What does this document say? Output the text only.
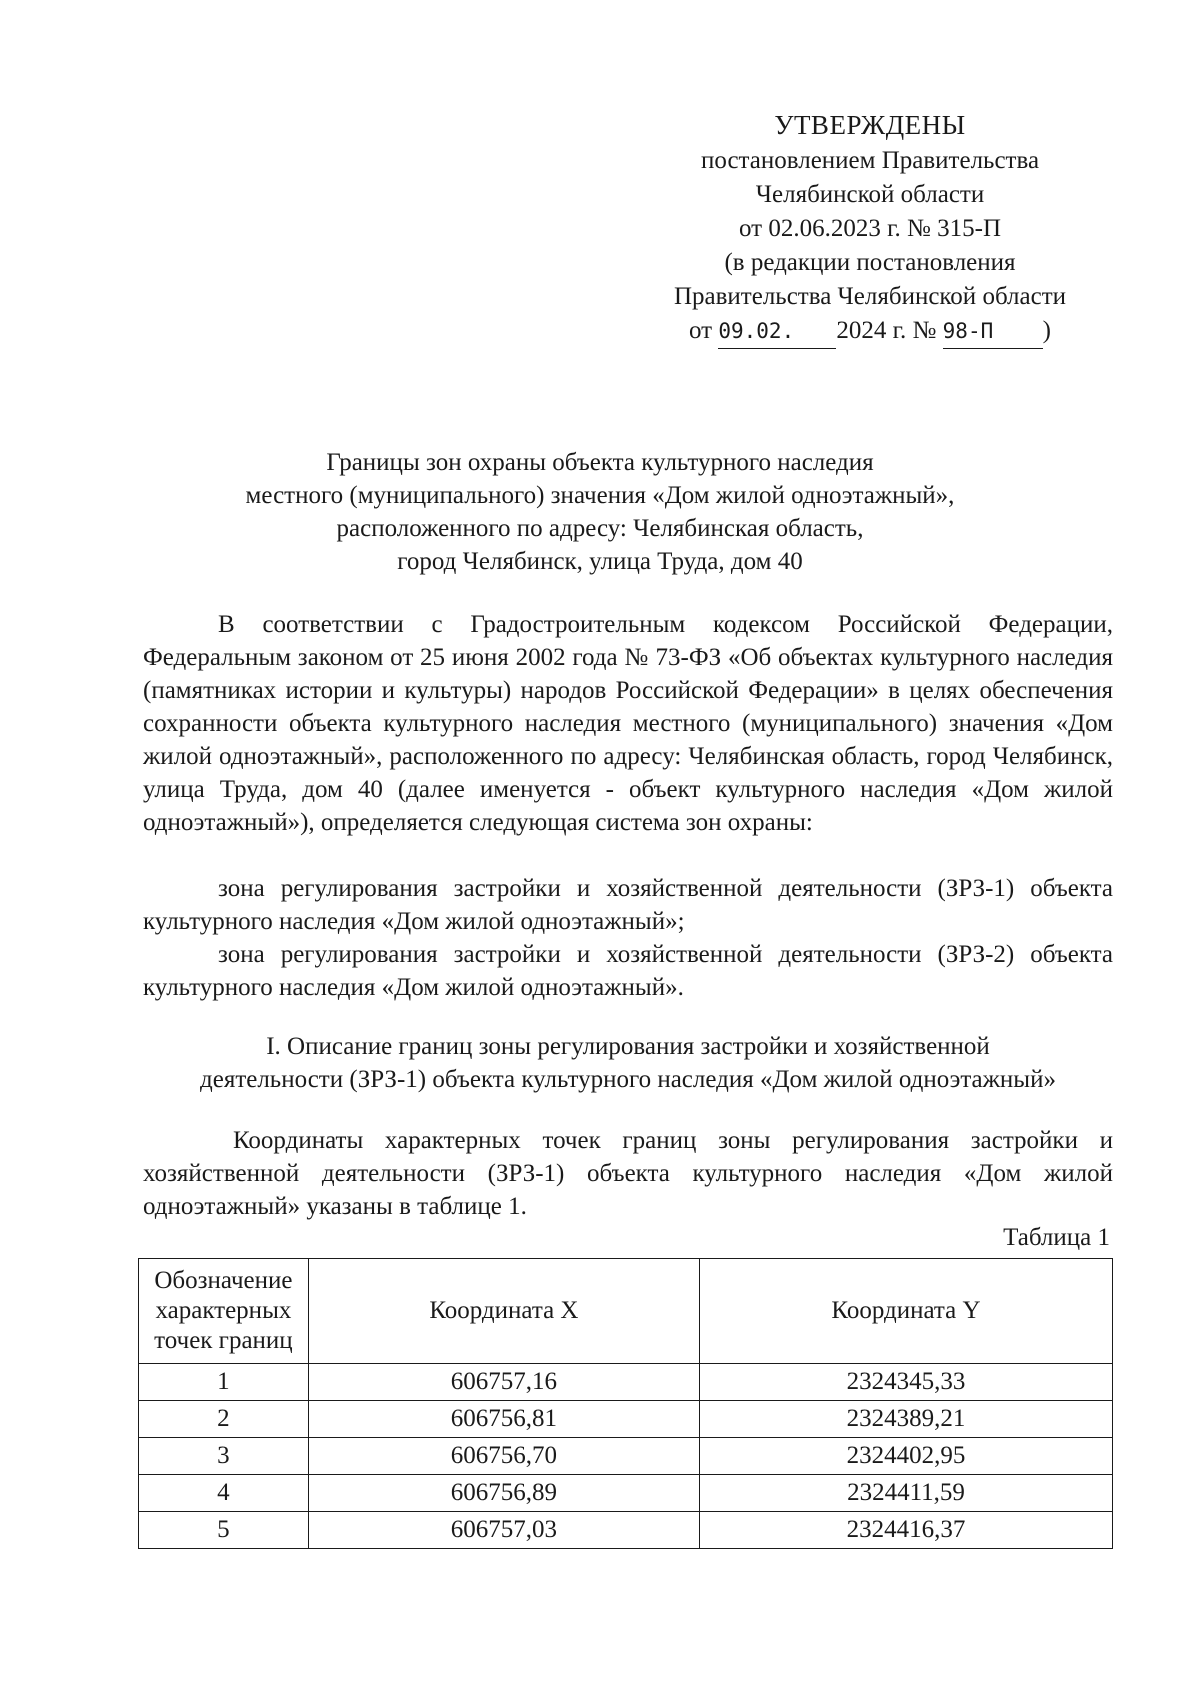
УТВЕРЖДЕНЫ
постановлением Правительства
Челябинской области
от 02.06.2023 г. № 315-П
(в редакции постановления
Правительства Челябинской области
от 09.02. 2024 г. № 98-П )
Границы зон охраны объекта культурного наследия
местного (муниципального) значения «Дом жилой одноэтажный»,
расположенного по адресу: Челябинская область,
город Челябинск, улица Труда, дом 40
В соответствии с Градостроительным кодексом Российской Федерации, Федеральным законом от 25 июня 2002 года № 73-ФЗ «Об объектах культурного наследия (памятниках истории и культуры) народов Российской Федерации» в целях обеспечения сохранности объекта культурного наследия местного (муниципального) значения «Дом жилой одноэтажный», расположенного по адресу: Челябинская область, город Челябинск, улица Труда, дом 40 (далее именуется - объект культурного наследия «Дом жилой одноэтажный»), определяется следующая система зон охраны:
зона регулирования застройки и хозяйственной деятельности (ЗРЗ-1) объекта культурного наследия «Дом жилой одноэтажный»;
зона регулирования застройки и хозяйственной деятельности (ЗРЗ-2) объекта культурного наследия «Дом жилой одноэтажный».
I. Описание границ зоны регулирования застройки и хозяйственной
деятельности (ЗРЗ-1) объекта культурного наследия «Дом жилой одноэтажный»
Координаты характерных точек границ зоны регулирования застройки и хозяйственной деятельности (ЗРЗ-1) объекта культурного наследия «Дом жилой одноэтажный» указаны в таблице 1.
Таблица 1
Обозначение
характерных
точек границ	Координата X	Координата Y
1	606757,16	2324345,33
2	606756,81	2324389,21
3	606756,70	2324402,95
4	606756,89	2324411,59
5	606757,03	2324416,37
